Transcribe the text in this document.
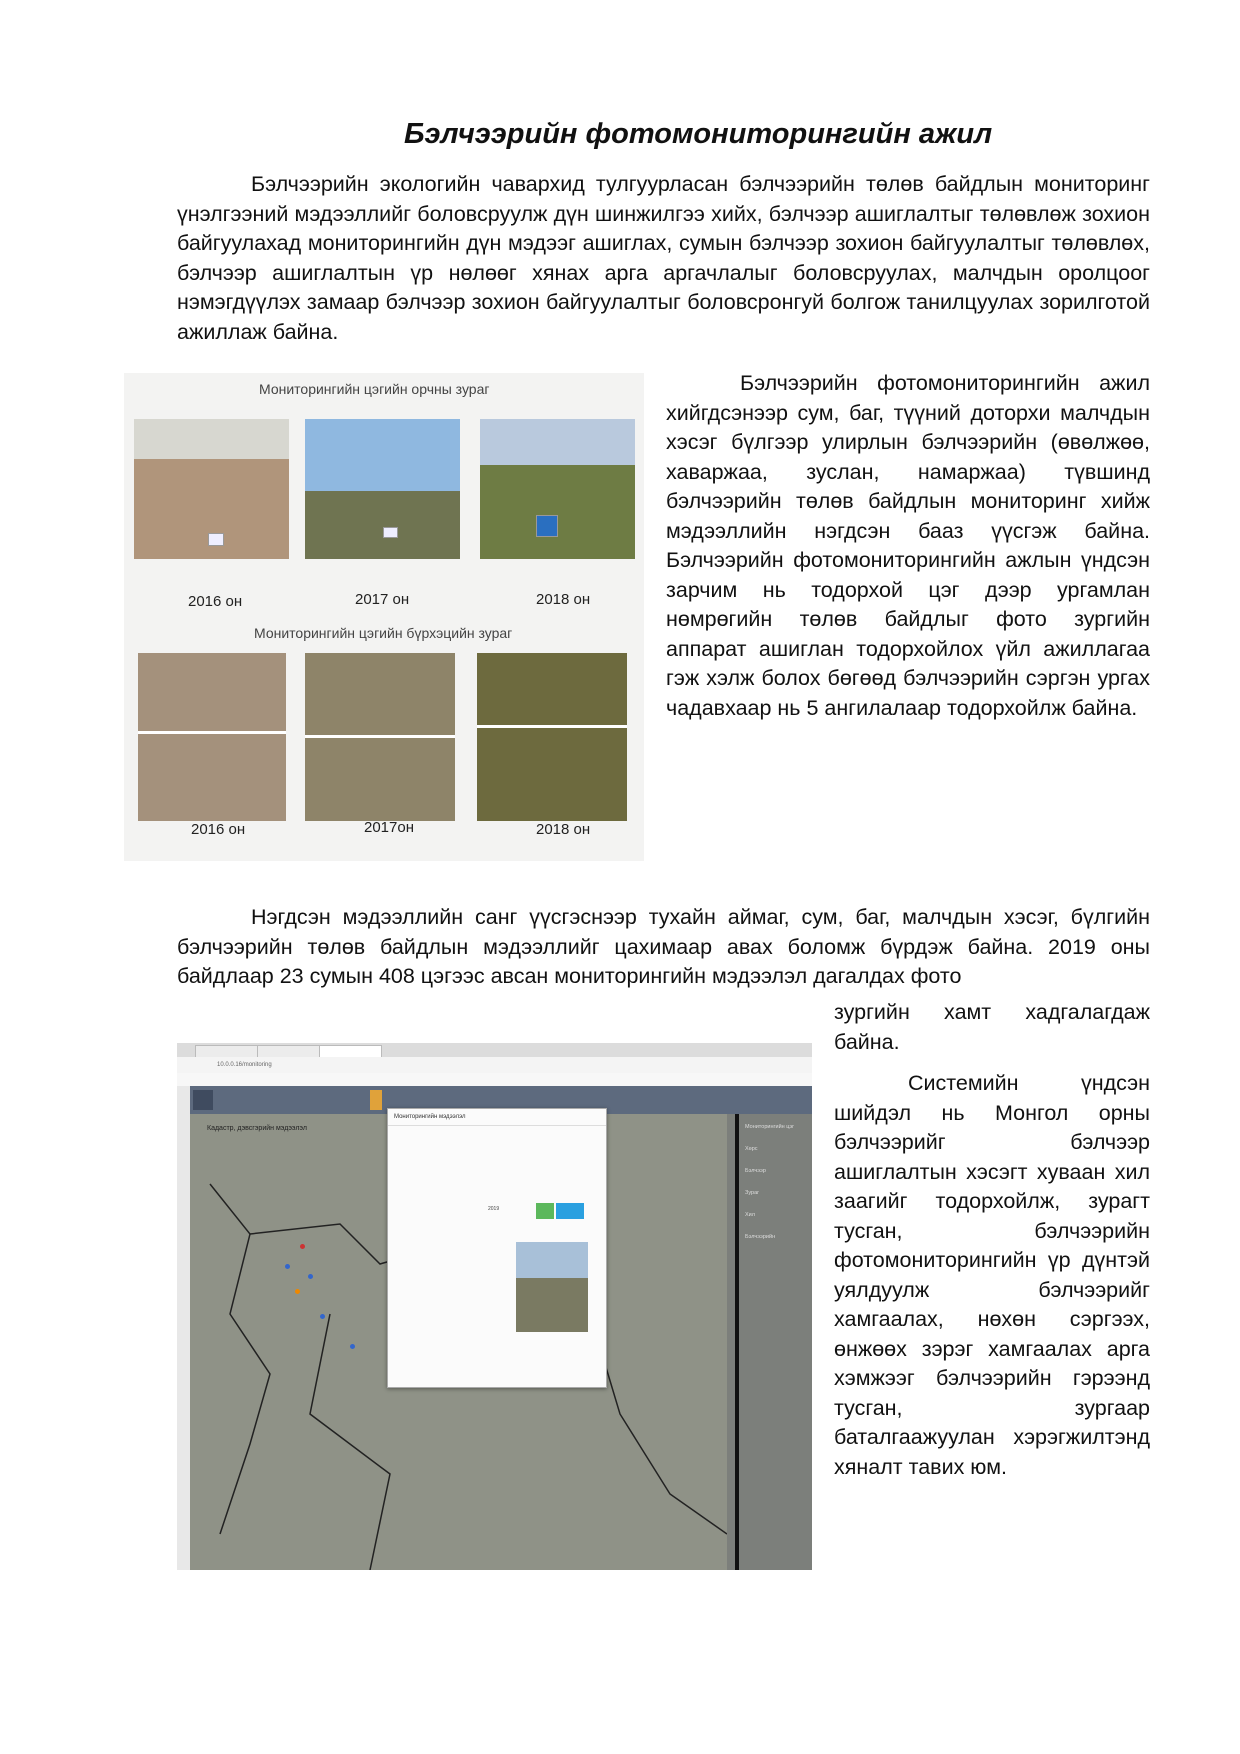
Бэлчээрийн фотомониторингийн ажил

Бэлчээрийн экологийн чавархид тулгуурласан бэлчээрийн төлөв байдлын мониторинг үнэлгээний мэдээллийг боловсруулж дүн шинжилгээ хийх, бэлчээр ашиглалтыг төлөвлөж зохион байгуулахад мониторингийн дүн мэдээг ашиглах, сумын бэлчээр зохион байгуулалтыг төлөвлөх, бэлчээр ашиглалтын үр нөлөөг хянах арга аргачлалыг боловсруулах, малчдын оролцоог нэмэгдүүлэх замаар бэлчээр зохион байгуулалтыг боловсронгуй болгож танилцуулах зорилготой ажиллаж байна.

Мониторингийн цэгийн орчны зураг
2016 он	2017 он	2018 он
Мониторингийн цэгийн бүрхэцийн зураг
2016 он	2017он	2018 он

Бэлчээрийн фотомониторингийн ажил хийгдсэнээр сум, баг, түүний доторхи малчдын хэсэг бүлгээр улирлын бэлчээрийн (өвөлжөө, хаваржаа, зуслан, намаржаа) түвшинд бэлчээрийн төлөв байдлын мониторинг хийж мэдээллийн нэгдсэн бааз үүсгэж байна. Бэлчээрийн фотомониторингийн ажлын үндсэн зарчим нь тодорхой цэг дээр ургамлан нөмрөгийн төлөв байдлыг фото зургийн аппарат ашиглан тодорхойлох үйл ажиллагаа гэж хэлж болох бөгөөд бэлчээрийн сэргэн ургах чадавхаар нь 5 ангилалаар тодорхойлж байна.

Нэгдсэн мэдээллийн санг үүсгэснээр тухайн аймаг, сум, баг, малчдын хэсэг, бүлгийн бэлчээрийн төлөв байдлын мэдээллийг цахимаар авах боломж бүрдэж байна. 2019 оны байдлаар 23 сумын 408 цэгээс авсан мониторингийн мэдээлэл дагалдах фото

зургийн хамт хадгалагдаж байна.

10.0.0.16/monitoring
Кадастр, дэвсгэрийн мэдээлэл	Мониторингийн цэг
Хөрс
Бэлчээр
Зураг
Хил
Бэлчээрийн
Мониторингийн мэдээлэл
2019

Системийн үндсэн шийдэл нь Монгол орны бэлчээрийг бэлчээр ашиглалтын хэсэгт хуваан хил заагийг тодорхойлж, зурагт тусган, бэлчээрийн фотомониторингийн үр дүнтэй уялдуулж бэлчээрийг хамгаалах, нөхөн сэргээх, өнжөөх зэрэг хамгаалах арга хэмжээг бэлчээрийн гэрээнд тусган, зургаар баталгаажуулан хэрэгжилтэнд хяналт тавих юм.
